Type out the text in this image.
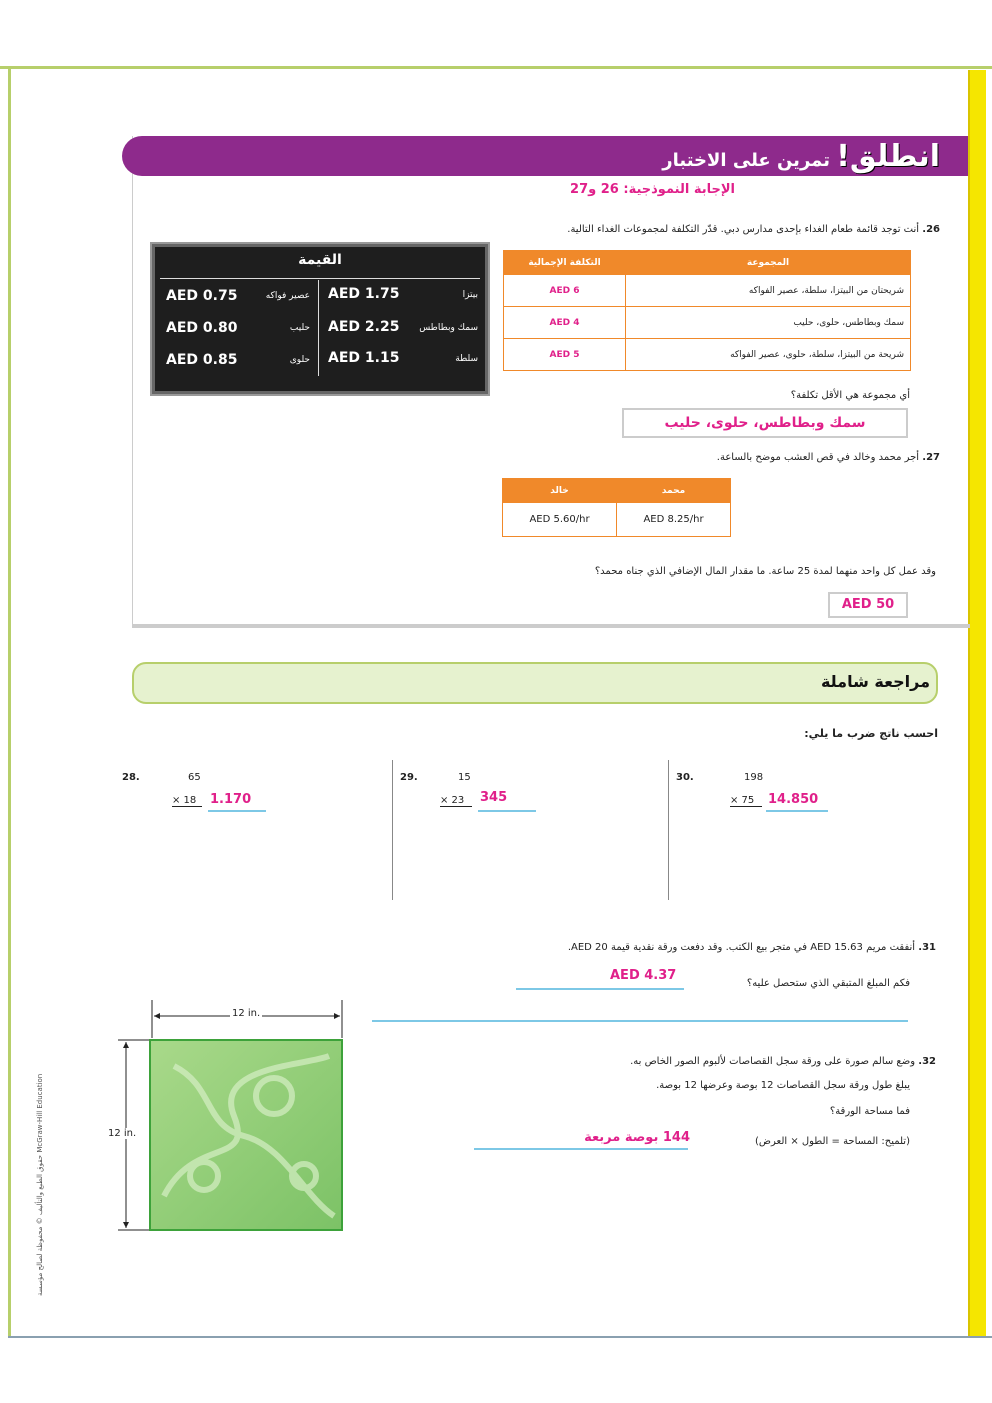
انطلق! تمرين على الاختبار
الإجابة النموذجية: 26 و27
26. أنت توجد قائمة طعام الغداء بإحدى مدارس دبي. قدّر التكلفة لمجموعات الغداء التالية.
القيمة
AED 1.75	بيتزا
AED 2.25	سمك وبطاطس
AED 1.15	سلطة
AED 0.75	عصير فواكه
AED 0.80	حليب
AED 0.85	حلوى
التكلفة الإجمالية	المجموعة
AED 6	شريحتان من البيتزا، سلطة، عصير الفواكه
AED 4	سمك وبطاطس، حلوى، حليب
AED 5	شريحة من البيتزا، سلطة، حلوى، عصير الفواكه
أي مجموعة هي الأقل تكلفة؟
سمك وبطاطس، حلوى، حليب
27. أجر محمد وخالد في قص العشب موضح بالساعة.
خالد	محمد
AED 5.60/hr	AED 8.25/hr
وقد عمل كل واحد منهما لمدة 25 ساعة. ما مقدار المال الإضافي الذي جناه محمد؟
AED 50
مراجعة شاملة
احسب ناتج ضرب ما يلي:
28.	65
× 18	1.170
29.	15
× 23	345
30.	198
× 75	14.850
31. أنفقت مريم AED 15.63 في متجر بيع الكتب. وقد دفعت ورقة نقدية قيمة 20 AED.
فكم المبلغ المتبقي الذي ستحصل عليه؟
AED 4.37
32. وضع سالم صورة على ورقة سجل القصاصات لألبوم الصور الخاص به.
يبلغ طول ورقة سجل القصاصات 12 بوصة وعرضها 12 بوصة.
فما مساحة الورقة؟
(تلميح: المساحة = الطول × العرض)
144 بوصة مربعة
12 in.
12 in.
حقوق الطبع والتأليف © محفوظة لصالح مؤسسة McGraw-Hill Education
